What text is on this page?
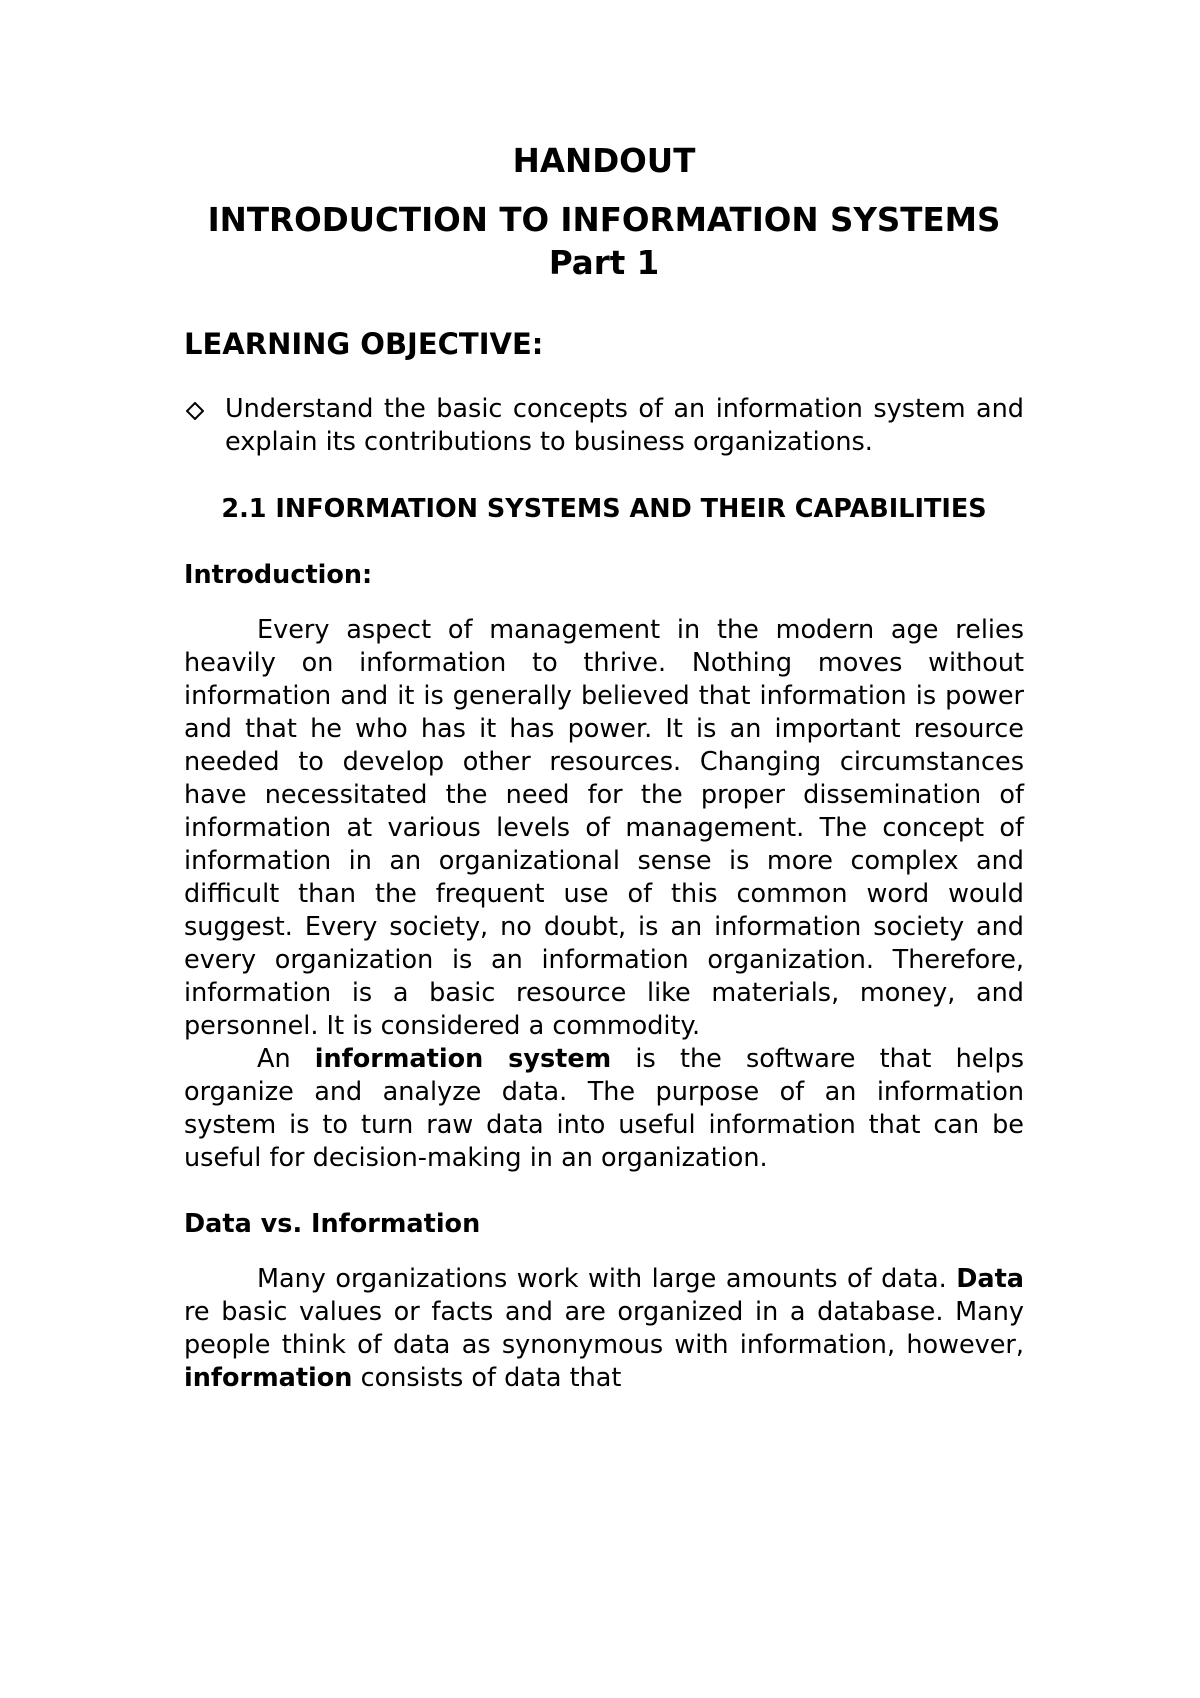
HANDOUT
INTRODUCTION TO INFORMATION SYSTEMS
Part 1
LEARNING OBJECTIVE:
Understand the basic concepts of an information system and explain its contributions to business organizations.
2.1 INFORMATION SYSTEMS AND THEIR CAPABILITIES
Introduction:

Every aspect of management in the modern age relies heavily on information to thrive. Nothing moves without information and it is generally believed that information is power and that he who has it has power. It is an important resource needed to develop other resources. Changing circumstances have necessitated the need for the proper dissemination of information at various levels of management. The concept of information in an organizational sense is more complex and difficult than the frequent use of this common word would suggest. Every society, no doubt, is an information society and every organization is an information organization. Therefore, information is a basic resource like materials, money, and personnel. It is considered a commodity.

An information system is the software that helps organize and analyze data. The purpose of an information system is to turn raw data into useful information that can be useful for decision-making in an organization.

Data vs. Information

Many organizations work with large amounts of data. Data re basic values or facts and are organized in a database. Many people think of data as synonymous with information, however, information consists of data that
